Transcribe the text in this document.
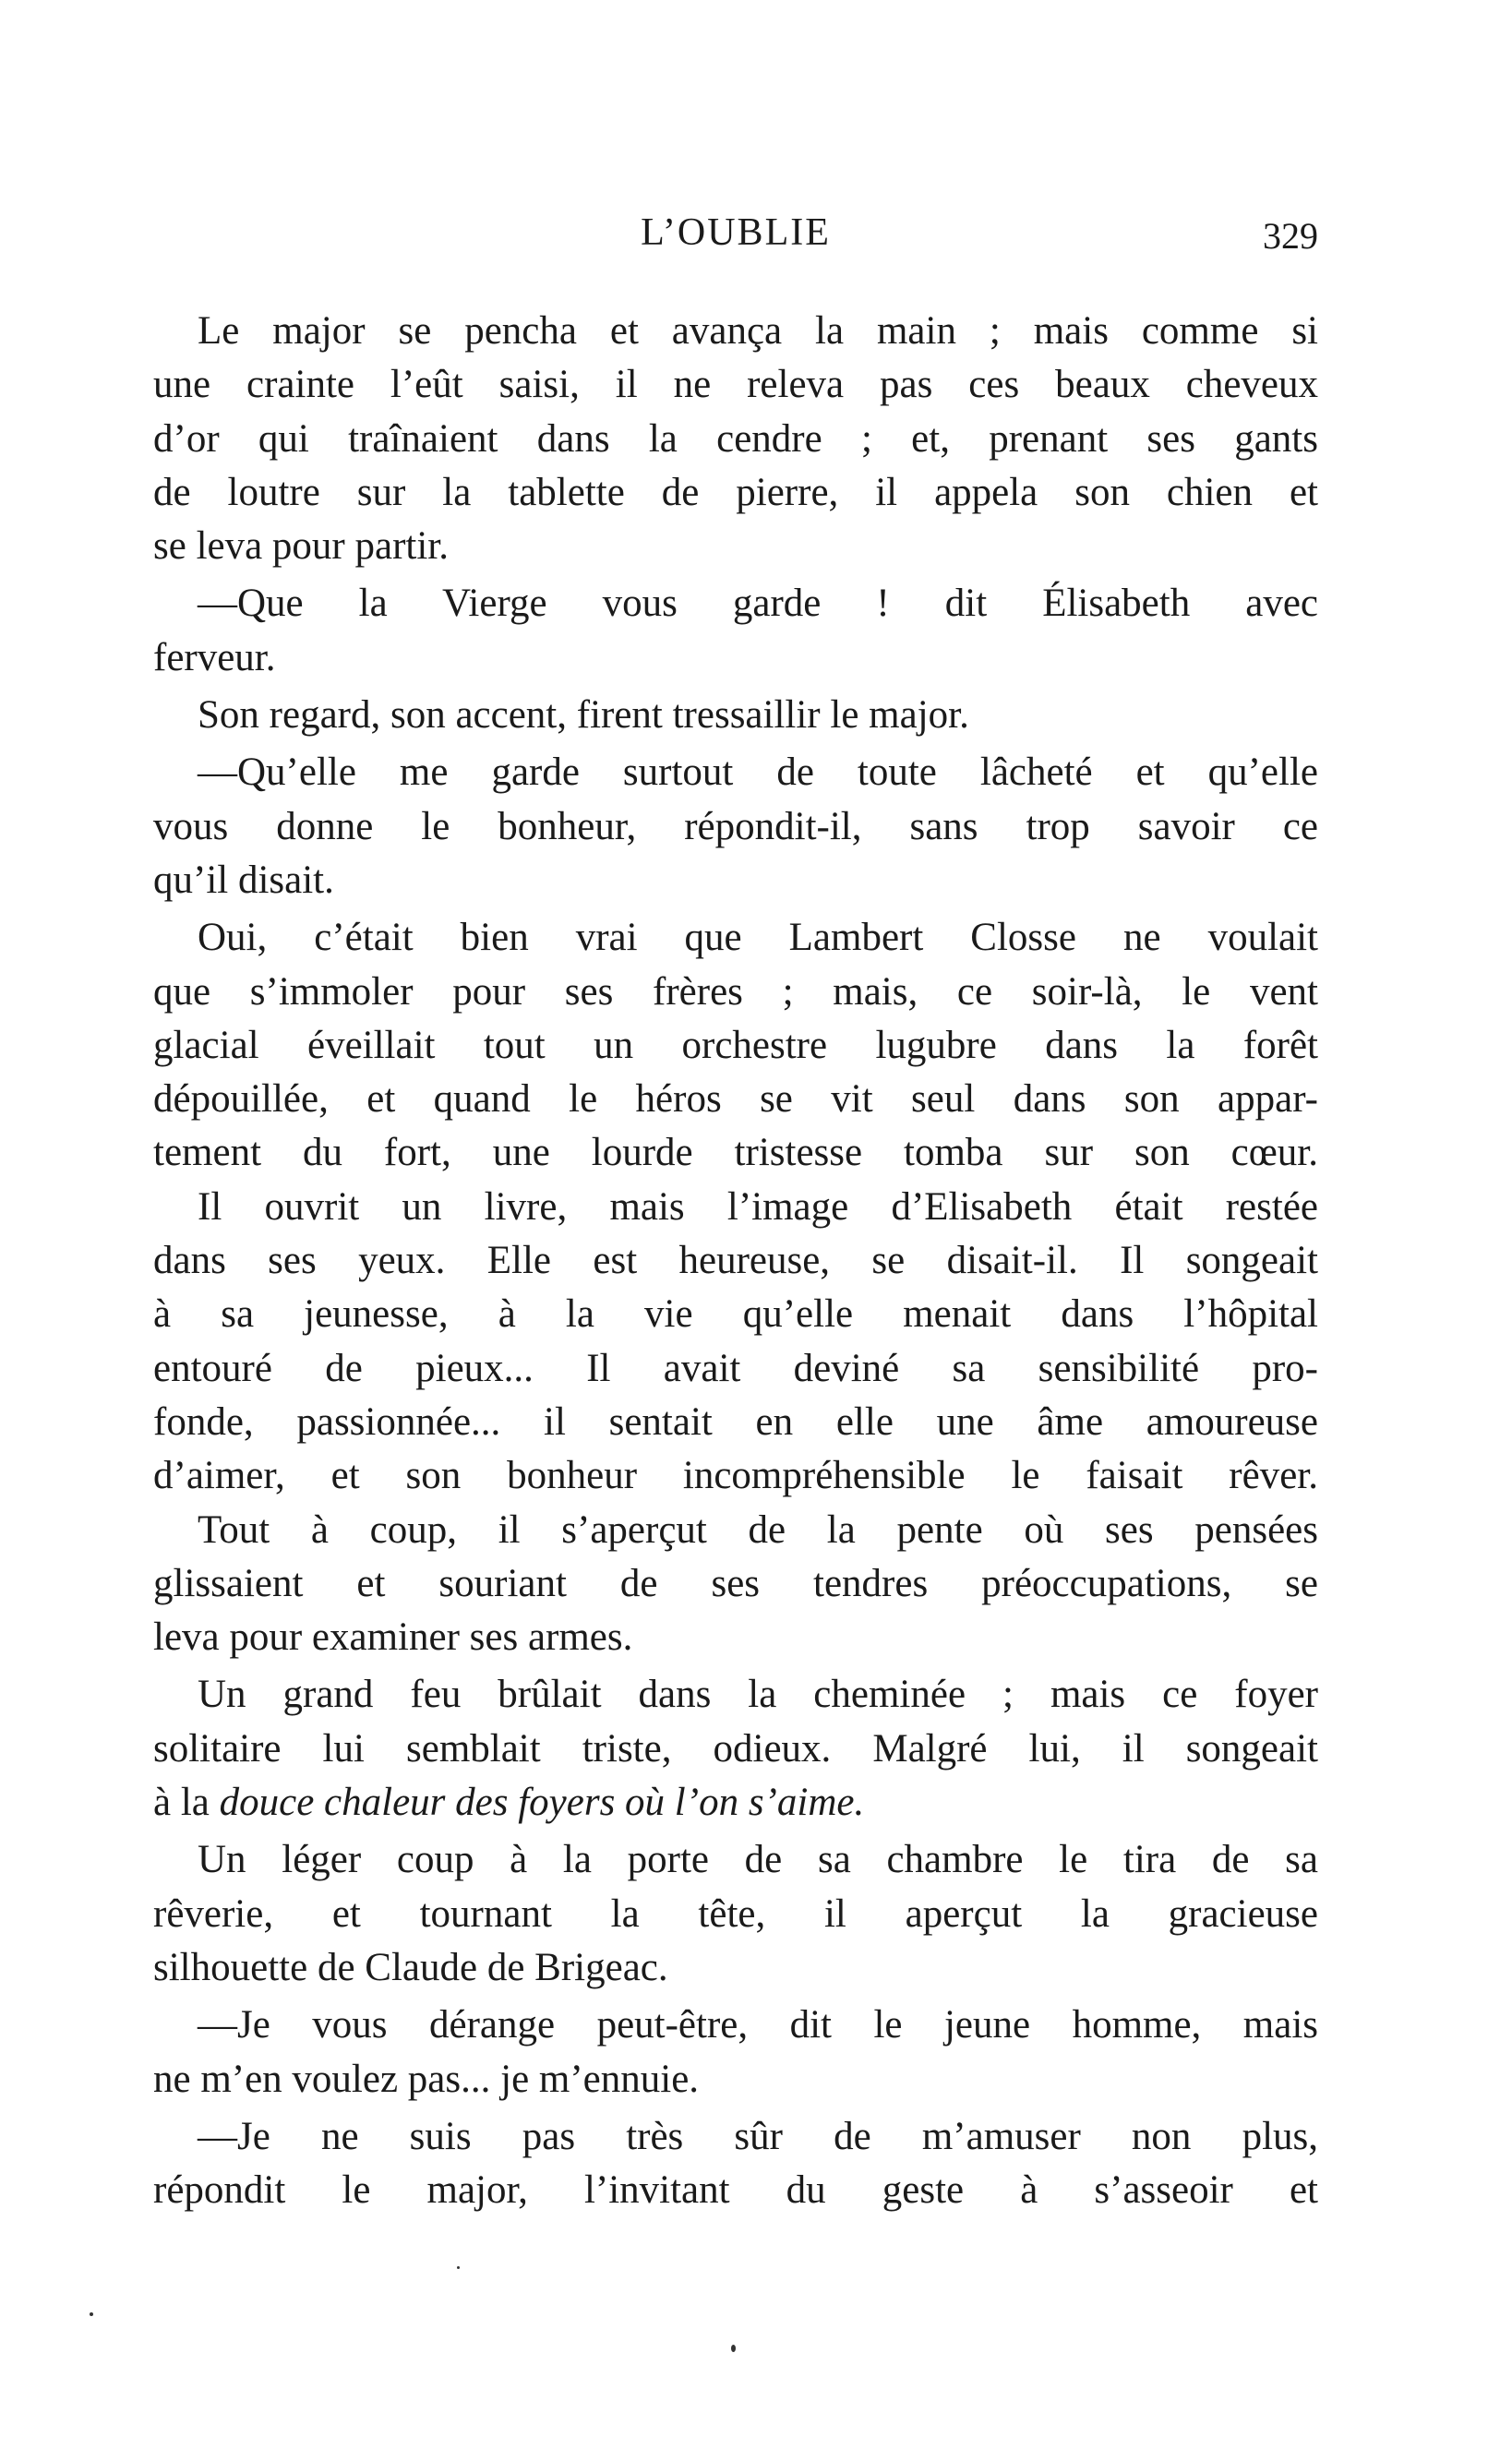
L’OUBLIE	329
Le major se pencha et avança la main ; mais comme si
une crainte l’eût saisi, il ne releva pas ces beaux cheveux
d’or qui traînaient dans la cendre ; et, prenant ses gants
de loutre sur la tablette de pierre, il appela son chien et
se leva pour partir.
—Que la Vierge vous garde ! dit Élisabeth avec
ferveur.
Son regard, son accent, firent tressaillir le major.
—Qu’elle me garde surtout de toute lâcheté et qu’elle
vous donne le bonheur, répondit-il, sans trop savoir ce
qu’il disait.
Oui, c’était bien vrai que Lambert Closse ne voulait
que s’immoler pour ses frères ; mais, ce soir-là, le vent
glacial éveillait tout un orchestre lugubre dans la forêt
dépouillée, et quand le héros se vit seul dans son appar-
tement du fort, une lourde tristesse tomba sur son cœur.
Il ouvrit un livre, mais l’image d’Elisabeth était restée
dans ses yeux. Elle est heureuse, se disait-il. Il songeait
à sa jeunesse, à la vie qu’elle menait dans l’hôpital
entouré de pieux... Il avait deviné sa sensibilité pro-
fonde, passionnée... il sentait en elle une âme amoureuse
d’aimer, et son bonheur incompréhensible le faisait rêver.
Tout à coup, il s’aperçut de la pente où ses pensées
glissaient et souriant de ses tendres préoccupations, se
leva pour examiner ses armes.
Un grand feu brûlait dans la cheminée ; mais ce foyer
solitaire lui semblait triste, odieux. Malgré lui, il songeait
à la douce chaleur des foyers où l’on s’aime.
Un léger coup à la porte de sa chambre le tira de sa
rêverie, et tournant la tête, il aperçut la gracieuse
silhouette de Claude de Brigeac.
—Je vous dérange peut-être, dit le jeune homme, mais
ne m’en voulez pas... je m’ennuie.
—Je ne suis pas très sûr de m’amuser non plus,
répondit le major, l’invitant du geste à s’asseoir et
